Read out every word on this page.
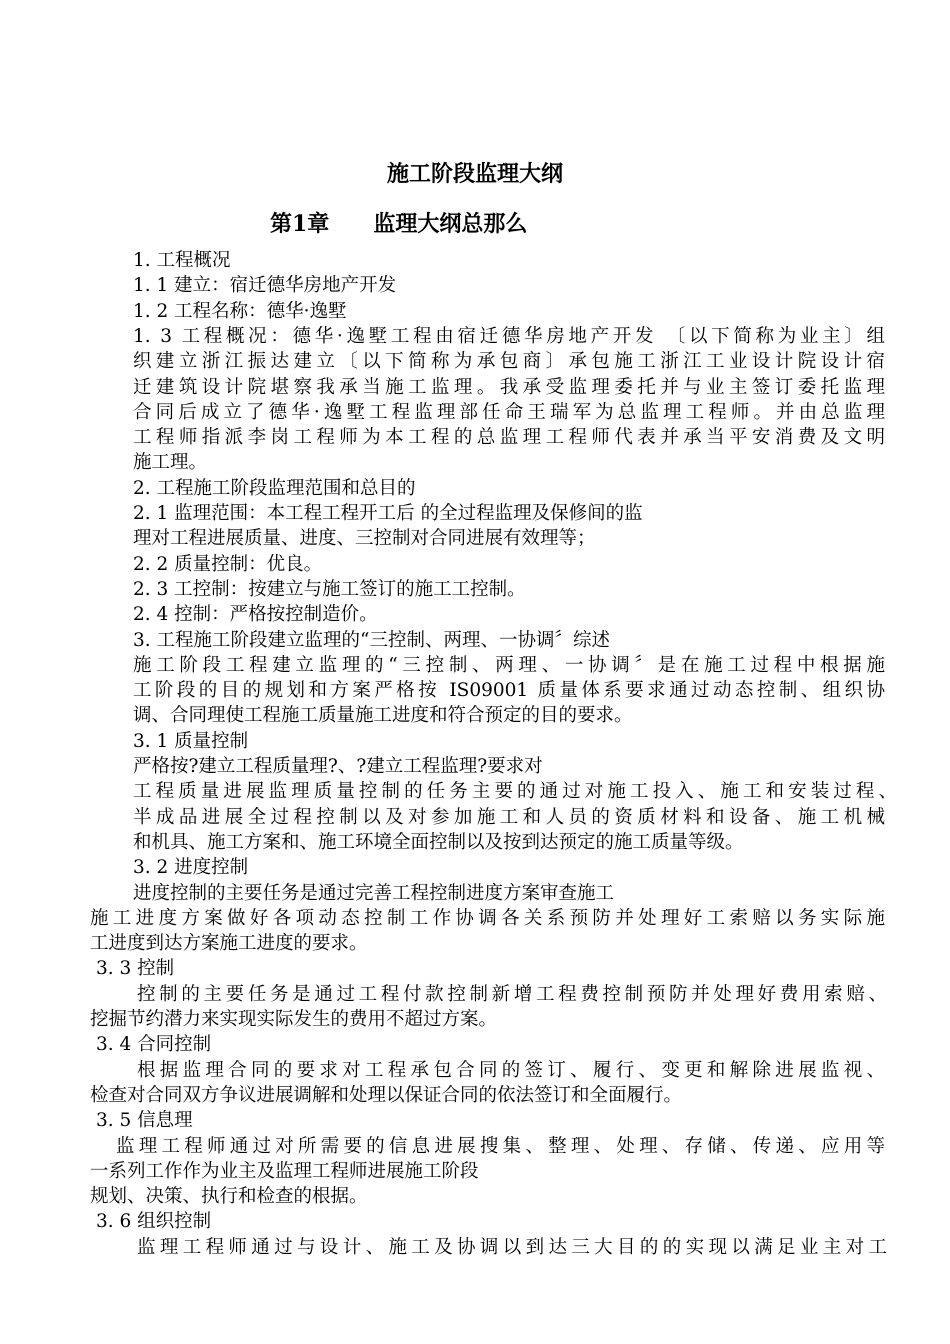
施工阶段监理大纲
第1章 监理大纲总那么
1. 工程概况
1. 1 建立：宿迁德华房地产开发
1. 2 工程名称：德华·逸墅
1. 3 工程概况：德华·逸墅工程由宿迁德华房地产开发 〔以下简称为业主〕组
织建立浙江振达建立〔以下简称为承包商〕承包施工浙江工业设计院设计宿
迁建筑设计院堪察我承当施工监理。我承受监理委托并与业主签订委托监理
合同后成立了德华·逸墅工程监理部任命王瑞军为总监理工程师。并由总监理
工程师指派李岗工程师为本工程的总监理工程师代表并承当平安消费及文明
施工理。
2. 工程施工阶段监理范围和总目的
2. 1 监理范围：本工程工程开工后 的全过程监理及保修间的监
理对工程进展质量、进度、三控制对合同进展有效理等；
2. 2 质量控制：优良。
2. 3 工控制：按建立与施工签订的施工工控制。
2. 4 控制：严格按控制造价。
3. 工程施工阶段建立监理的“三控制、两理、一协调〞综述
施工阶段工程建立监理的“三控制、两理、一协调〞是在施工过程中根据施
工阶段的目的规划和方案严格按 IS09001 质量体系要求通过动态控制、组织协
调、合同理使工程施工质量施工进度和符合预定的目的要求。
3. 1 质量控制
严格按?建立工程质量理?、?建立工程监理?要求对
工程质量进展监理质量控制的任务主要的通过对施工投入、施工和安装过程、
半成品进展全过程控制以及对参加施工和人员的资质材料和设备、施工机械
和机具、施工方案和、施工环境全面控制以及按到达预定的施工质量等级。
3. 2 进度控制
进度控制的主要任务是通过完善工程控制进度方案审查施工
施工进度方案做好各项动态控制工作协调各关系预防并处理好工索赔以务实际施
工进度到达方案施工进度的要求。
3. 3 控制
控制的主要任务是通过工程付款控制新增工程费控制预防并处理好费用索赔、
挖掘节约潜力来实现实际发生的费用不超过方案。
3. 4 合同控制
根据监理合同的要求对工程承包合同的签订、履行、变更和解除进展监视、
检查对合同双方争议进展调解和处理以保证合同的依法签订和全面履行。
3. 5 信息理
监理工程师通过对所需要的信息进展搜集、整理、处理、存储、传递、应用等
一系列工作作为业主及监理工程师进展施工阶段
规划、决策、执行和检查的根据。
3. 6 组织控制
监理工程师通过与设计、施工及协调以到达三大目的的实现以满足业主对工
